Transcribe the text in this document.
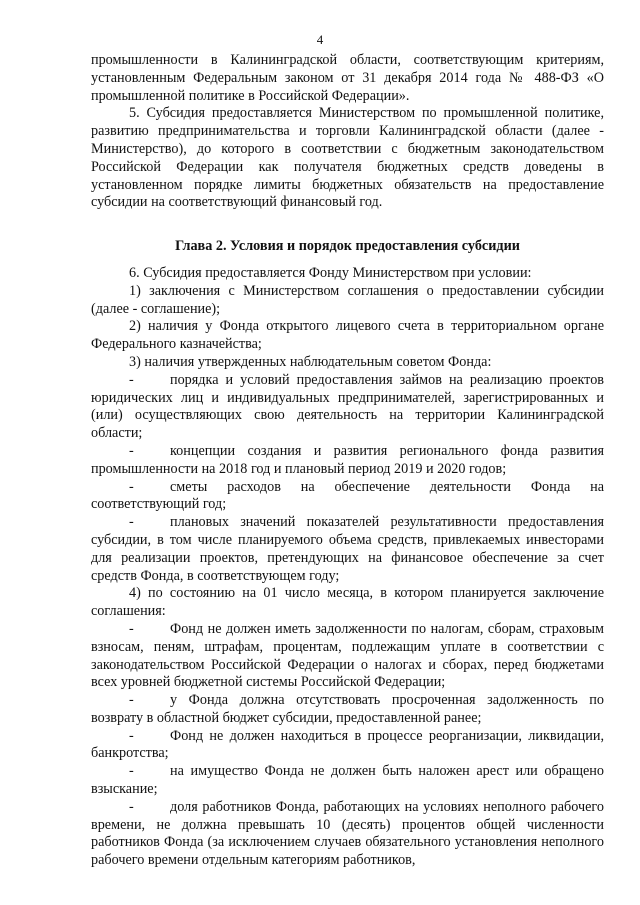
4

промышленности в Калининградской области, соответствующим критериям, установленным Федеральным законом от 31 декабря 2014 года № 488-ФЗ «О промышленной политике в Российской Федерации».

5. Субсидия предоставляется Министерством по промышленной политике, развитию предпринимательства и торговли Калининградской области (далее - Министерство), до которого в соответствии с бюджетным законодательством Российской Федерации как получателя бюджетных средств доведены в установленном порядке лимиты бюджетных обязательств на предоставление субсидии на соответствующий финансовый год.

Глава 2. Условия и порядок предоставления субсидии

6. Субсидия предоставляется Фонду Министерством при условии:

1) заключения с Министерством соглашения о предоставлении субсидии (далее - соглашение);

2) наличия у Фонда открытого лицевого счета в территориальном органе Федерального казначейства;

3) наличия утвержденных наблюдательным советом Фонда:

-	порядка и условий предоставления займов на реализацию проектов юридических лиц и индивидуальных предпринимателей, зарегистрированных и (или) осуществляющих свою деятельность на территории Калининградской области;

-	концепции создания и развития регионального фонда развития промышленности на 2018 год и плановый период 2019 и 2020 годов;

-	сметы расходов на обеспечение деятельности Фонда на соответствующий год;

-	плановых значений показателей результативности предоставления субсидии, в том числе планируемого объема средств, привлекаемых инвесторами для реализации проектов, претендующих на финансовое обеспечение за счет средств Фонда, в соответствующем году;

4) по состоянию на 01 число месяца, в котором планируется заключение соглашения:

-	Фонд не должен иметь задолженности по налогам, сборам, страховым взносам, пеням, штрафам, процентам, подлежащим уплате в соответствии с законодательством Российской Федерации о налогах и сборах, перед бюджетами всех уровней бюджетной системы Российской Федерации;

-	у Фонда должна отсутствовать просроченная задолженность по возврату в областной бюджет субсидии, предоставленной ранее;

-	Фонд не должен находиться в процессе реорганизации, ликвидации, банкротства;

-	на имущество Фонда не должен быть наложен арест или обращено взыскание;

-	доля работников Фонда, работающих на условиях неполного рабочего времени, не должна превышать 10 (десять) процентов общей численности работников Фонда (за исключением случаев обязательного установления неполного рабочего времени отдельным категориям работников,
